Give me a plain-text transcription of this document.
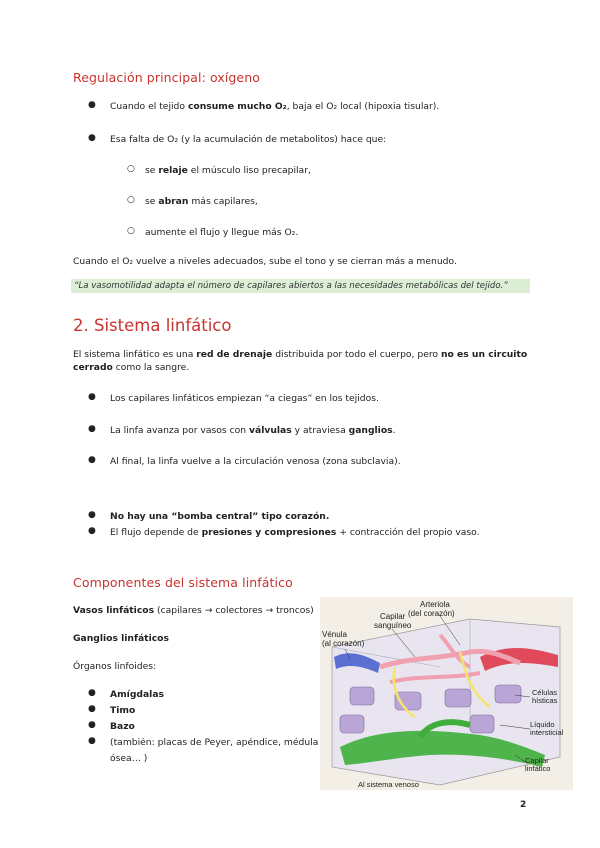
Regulación principal: oxígeno
● Cuando el tejido consume mucho O₂, baja el O₂ local (hipoxia tisular).
● Esa falta de O₂ (y la acumulación de metabolitos) hace que:
○ se relaje el músculo liso precapilar,
○ se abran más capilares,
○ aumente el flujo y llegue más O₂.
Cuando el O₂ vuelve a niveles adecuados, sube el tono y se cierran más a menudo.
“La vasomotilidad adapta el número de capilares abiertos a las necesidades metabólicas del tejido.”
2. Sistema linfático
El sistema linfático es una red de drenaje distribuida por todo el cuerpo, pero no es un circuito
cerrado como la sangre.
● Los capilares linfáticos empiezan “a ciegas” en los tejidos.
● La linfa avanza por vasos con válvulas y atraviesa ganglios.
● Al final, la linfa vuelve a la circulación venosa (zona subclavia).
● No hay una “bomba central” tipo corazón.
● El flujo depende de presiones y compresiones + contracción del propio vaso.
Componentes del sistema linfático
Vasos linfáticos (capilares → colectores → troncos)
Ganglios linfáticos
Órganos linfoides:
● Amígdalas
● Timo
● Bazo
● (también: placas de Peyer, apéndice, médula
ósea… )
Arteriola
(del corazón)
Capilar
sanguíneo
Vénula
(al corazón)
Células
hísticas
Líquido
intersticial
Capilar
linfático
Al sistema venoso
2
